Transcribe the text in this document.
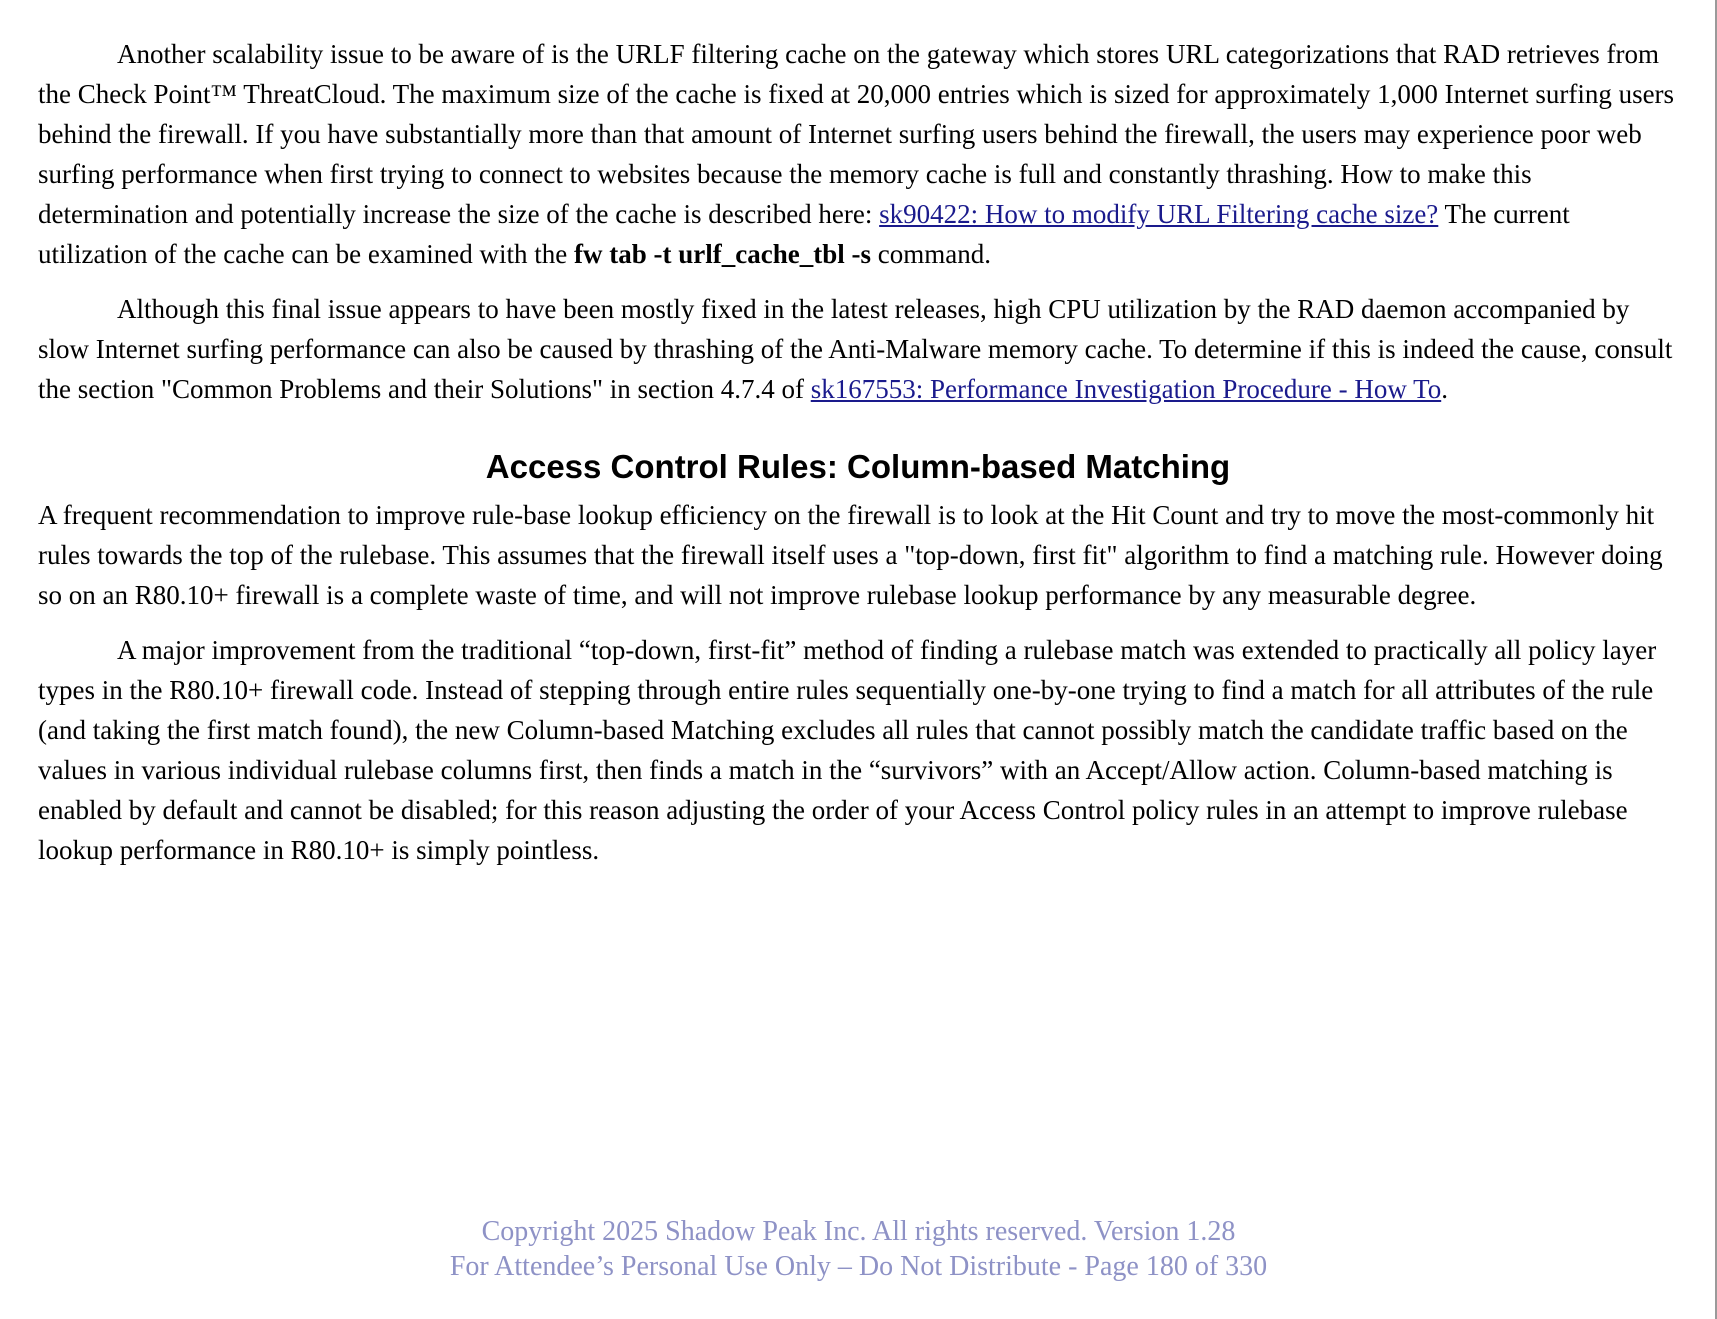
Another scalability issue to be aware of is the URLF filtering cache on the gateway which stores URL categorizations that RAD retrieves from the Check Point™ ThreatCloud. The maximum size of the cache is fixed at 20,000 entries which is sized for approximately 1,000 Internet surfing users behind the firewall. If you have substantially more than that amount of Internet surfing users behind the firewall, the users may experience poor web surfing performance when first trying to connect to websites because the memory cache is full and constantly thrashing. How to make this determination and potentially increase the size of the cache is described here: sk90422: How to modify URL Filtering cache size? The current utilization of the cache can be examined with the fw tab -t urlf_cache_tbl -s command.

Although this final issue appears to have been mostly fixed in the latest releases, high CPU utilization by the RAD daemon accompanied by slow Internet surfing performance can also be caused by thrashing of the Anti-Malware memory cache. To determine if this is indeed the cause, consult the section "Common Problems and their Solutions" in section 4.7.4 of sk167553: Performance Investigation Procedure - How To.

Access Control Rules: Column-based Matching

A frequent recommendation to improve rule-base lookup efficiency on the firewall is to look at the Hit Count and try to move the most-commonly hit rules towards the top of the rulebase. This assumes that the firewall itself uses a "top-down, first fit" algorithm to find a matching rule. However doing so on an R80.10+ firewall is a complete waste of time, and will not improve rulebase lookup performance by any measurable degree.

A major improvement from the traditional “top-down, first-fit” method of finding a rulebase match was extended to practically all policy layer types in the R80.10+ firewall code. Instead of stepping through entire rules sequentially one-by-one trying to find a match for all attributes of the rule (and taking the first match found), the new Column-based Matching excludes all rules that cannot possibly match the candidate traffic based on the values in various individual rulebase columns first, then finds a match in the “survivors” with an Accept/Allow action. Column-based matching is enabled by default and cannot be disabled; for this reason adjusting the order of your Access Control policy rules in an attempt to improve rulebase lookup performance in R80.10+ is simply pointless.

Copyright 2025 Shadow Peak Inc. All rights reserved. Version 1.28
For Attendee’s Personal Use Only – Do Not Distribute - Page 180 of 330
